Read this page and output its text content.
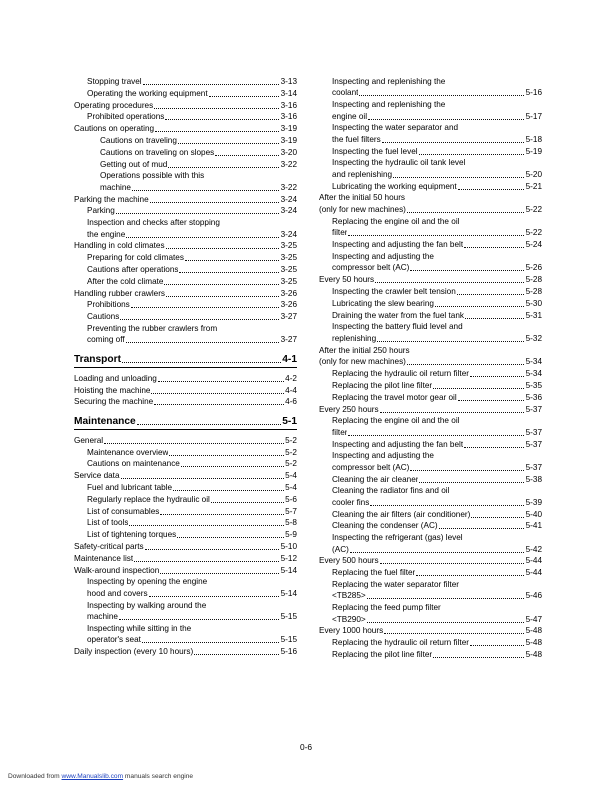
Stopping travel	3-13
Operating the working equipment	3-14
Operating procedures	3-16
Prohibited operations	3-16
Cautions on operating	3-19
Cautions on traveling	3-19
Cautions on traveling on slopes	3-20
Getting out of mud	3-22
Operations possible with this
machine	3-22
Parking the machine	3-24
Parking	3-24
Inspection and checks after stopping
the engine	3-24
Handling in cold climates	3-25
Preparing for cold climates	3-25
Cautions after operations	3-25
After the cold climate	3-25
Handling rubber crawlers	3-26
Prohibitions	3-26
Cautions	3-27
Preventing the rubber crawlers from
coming off	3-27
Transport	4-1
Loading and unloading	4-2
Hoisting the machine	4-4
Securing the machine	4-6
Maintenance	5-1
General	5-2
Maintenance overview	5-2
Cautions on maintenance	5-2
Service data	5-4
Fuel and lubricant table	5-4
Regularly replace the hydraulic oil	5-6
List of consumables	5-7
List of tools	5-8
List of tightening torques	5-9
Safety-critical parts	5-10
Maintenance list	5-12
Walk-around inspection	5-14
Inspecting by opening the engine
hood and covers	5-14
Inspecting by walking around the
machine	5-15
Inspecting while sitting in the
operator's seat	5-15
Daily inspection (every 10 hours)	5-16
Inspecting and replenishing the
coolant	5-16
Inspecting and replenishing the
engine oil	5-17
Inspecting the water separator and
the fuel filters	5-18
Inspecting the fuel level	5-19
Inspecting the hydraulic oil tank level
and replenishing	5-20
Lubricating the working equipment	5-21
After the initial 50 hours
(only for new machines)	5-22
Replacing the engine oil and the oil
filter	5-22
Inspecting and adjusting the fan belt	5-24
Inspecting and adjusting the
compressor belt (AC)	5-26
Every 50 hours	5-28
Inspecting the crawler belt tension	5-28
Lubricating the slew bearing	5-30
Draining the water from the fuel tank	5-31
Inspecting the battery fluid level and
replenishing	5-32
After the initial 250 hours
(only for new machines)	5-34
Replacing the hydraulic oil return filter	5-34
Replacing the pilot line filter	5-35
Replacing the travel motor gear oil	5-36
Every 250 hours	5-37
Replacing the engine oil and the oil
filter	5-37
Inspecting and adjusting the fan belt	5-37
Inspecting and adjusting the
compressor belt (AC)	5-37
Cleaning the air cleaner	5-38
Cleaning the radiator fins and oil
cooler fins	5-39
Cleaning the air filters (air conditioner)	5-40
Cleaning the condenser (AC)	5-41
Inspecting the refrigerant (gas) level
(AC)	5-42
Every 500 hours	5-44
Replacing the fuel filter	5-44
Replacing the water separator filter
<TB285>	5-46
Replacing the feed pump filter
<TB290>	5-47
Every 1000 hours	5-48
Replacing the hydraulic oil return filter	5-48
Replacing the pilot line filter	5-48
0-6
Downloaded from www.Manualslib.com manuals search engine
